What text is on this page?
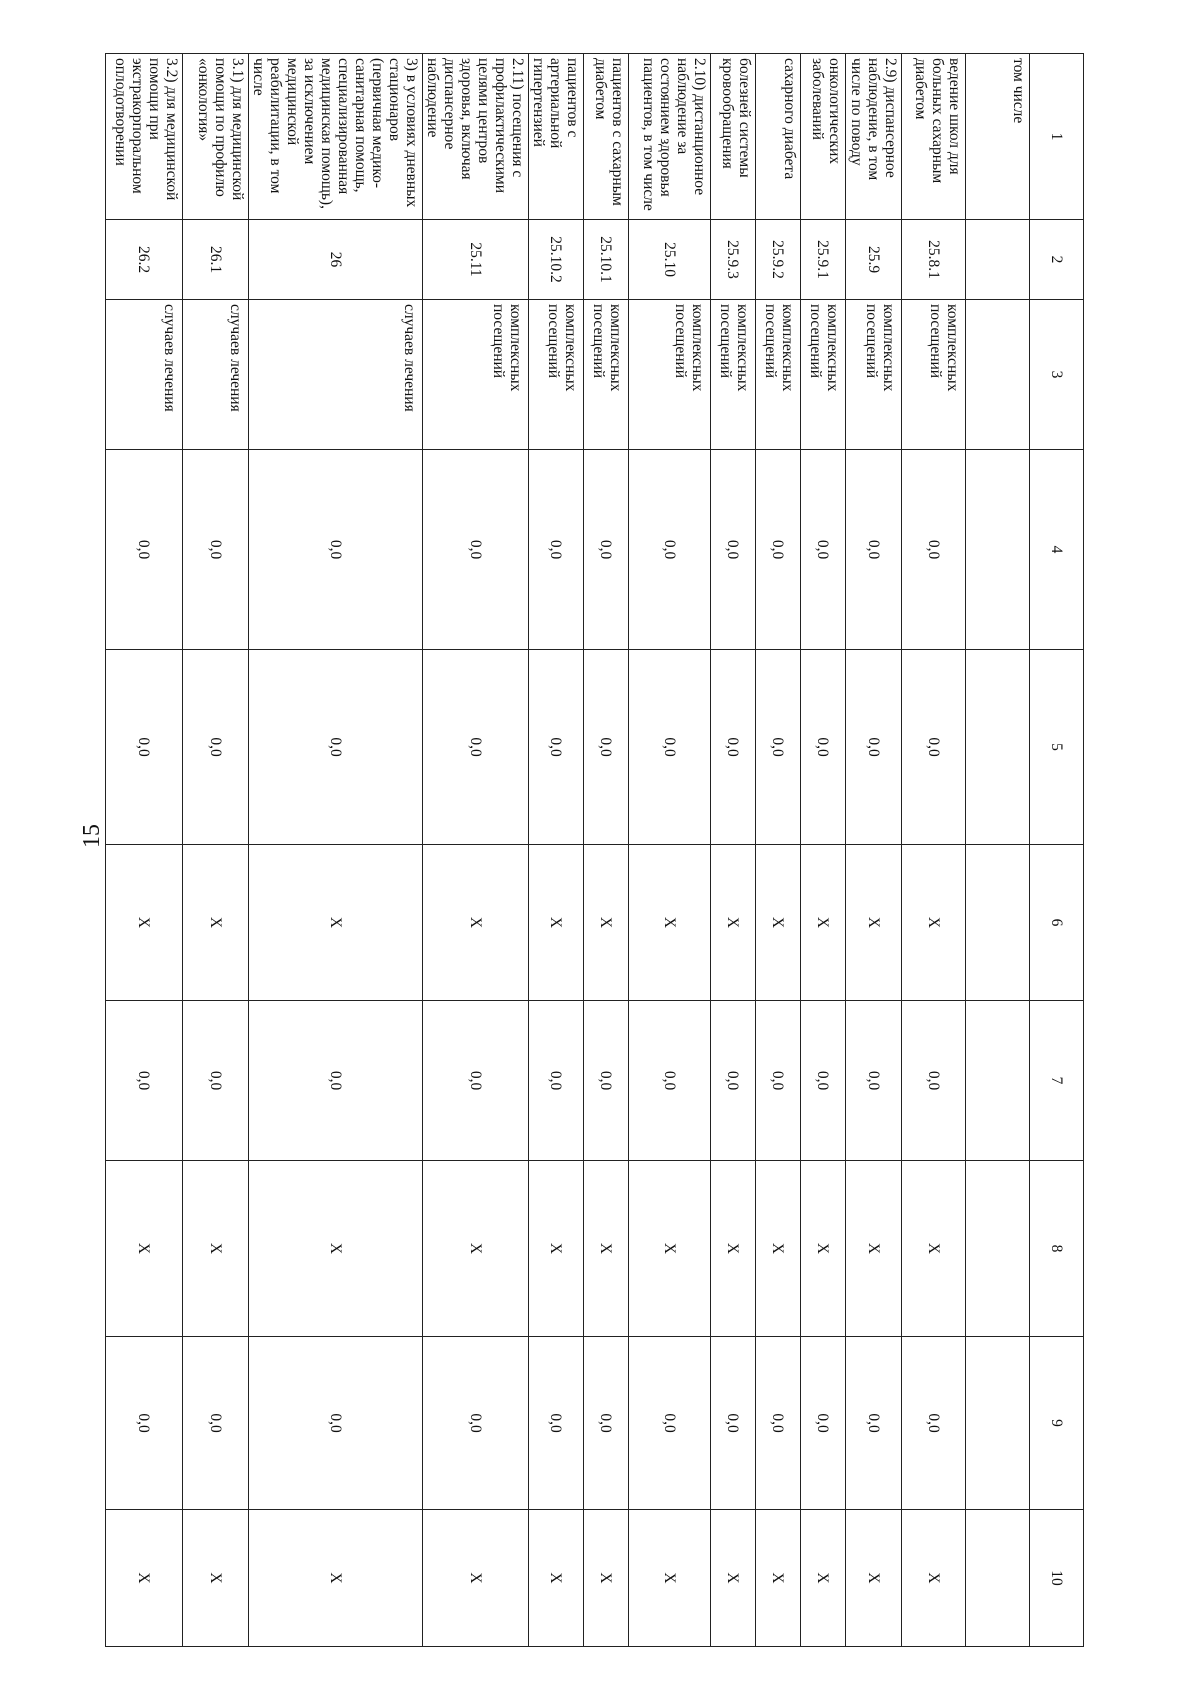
15
1	2	3	4	5	6	7	8	9	10
том числе									
ведение школ для больных сахарным диабетом	25.8.1	комплексных посещений	0,0	0,0	X	0,0	X	0,0	X
2.9) диспансерное наблюдение, в том числе по поводу	25.9	комплексных посещений	0,0	0,0	X	0,0	X	0,0	X
онкологических заболеваний	25.9.1	комплексных посещений	0,0	0,0	X	0,0	X	0,0	X
сахарного диабета	25.9.2	комплексных посещений	0,0	0,0	X	0,0	X	0,0	X
болезней системы кровообращения	25.9.3	комплексных посещений	0,0	0,0	X	0,0	X	0,0	X
2.10) дистанционное наблюдение за состоянием здоровья пациентов, в том числе	25.10	комплексных посещений	0,0	0,0	X	0,0	X	0,0	X
пациентов с сахарным диабетом	25.10.1	комплексных посещений	0,0	0,0	X	0,0	X	0,0	X
пациентов с артериальной гипертензией	25.10.2	комплексных посещений	0,0	0,0	X	0,0	X	0,0	X
2.11) посещения с профилактическими целями центров здоровья, включая диспансерное наблюдение	25.11	комплексных посещений	0,0	0,0	X	0,0	X	0,0	X
3) в условиях дневных стационаров (первичная медико-санитарная помощь, специализированная медицинская помощь), за исключением медицинской реабилитации, в том числе	26	случаев лечения	0,0	0,0	X	0,0	X	0,0	X
3.1) для медицинской помощи по профилю «онкология»	26.1	случаев лечения	0,0	0,0	X	0,0	X	0,0	X
3.2) для медицинской помощи при экстракорпоральном оплодотворении	26.2	случаев лечения	0,0	0,0	X	0,0	X	0,0	X
